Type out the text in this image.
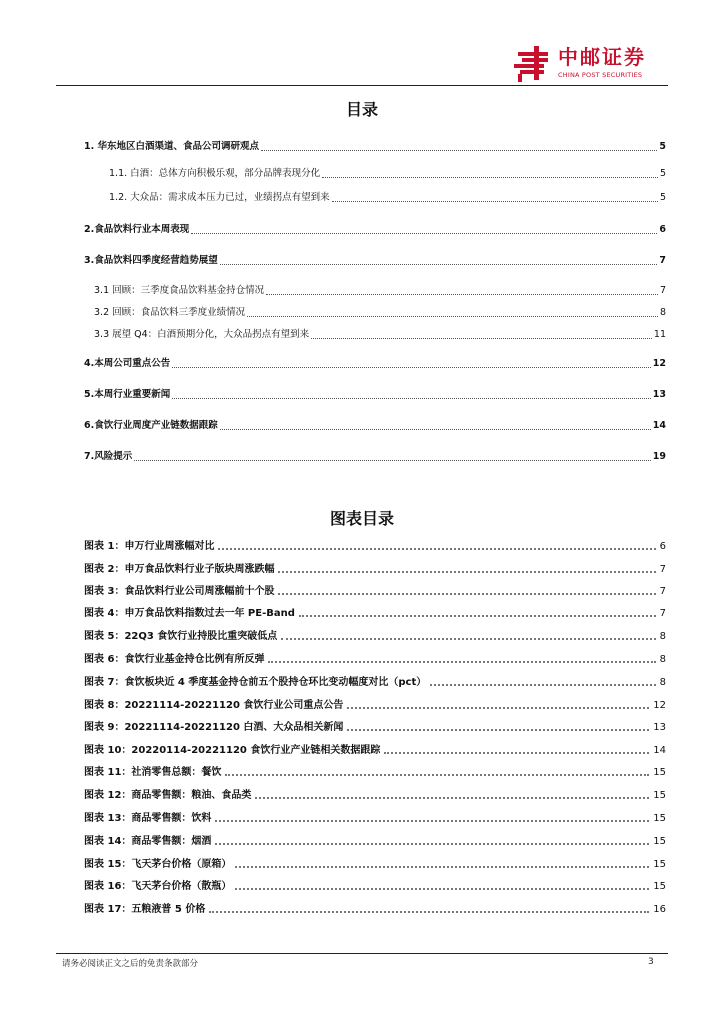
中邮证券
CHINA POST SECURITIES
目录
1. 华东地区白酒渠道、食品公司调研观点	5
1.1. 白酒：总体方向积极乐观，部分品牌表现分化	5
1.2. 大众品：需求成本压力已过，业绩拐点有望到来	5
2.食品饮料行业本周表现	6
3.食品饮料四季度经营趋势展望	7
3.1 回顾：三季度食品饮料基金持仓情况	7
3.2 回顾：食品饮料三季度业绩情况	8
3.3 展望 Q4：白酒预期分化，大众品拐点有望到来	11
4.本周公司重点公告	12
5.本周行业重要新闻	13
6.食饮行业周度产业链数据跟踪	14
7.风险提示	19
图表目录
图表 1：申万行业周涨幅对比	6
图表 2：申万食品饮料行业子版块周涨跌幅	7
图表 3：食品饮料行业公司周涨幅前十个股	7
图表 4：申万食品饮料指数过去一年 PE-Band	7
图表 5：22Q3 食饮行业持股比重突破低点	8
图表 6：食饮行业基金持仓比例有所反弹	8
图表 7：食饮板块近 4 季度基金持仓前五个股持仓环比变动幅度对比（pct）	8
图表 8：20221114-20221120 食饮行业公司重点公告	12
图表 9：20221114-20221120 白酒、大众品相关新闻	13
图表 10：20220114-20221120 食饮行业产业链相关数据跟踪	14
图表 11：社消零售总额：餐饮	15
图表 12：商品零售额：粮油、食品类	15
图表 13：商品零售额：饮料	15
图表 14：商品零售额：烟酒	15
图表 15：飞天茅台价格（原箱）	15
图表 16：飞天茅台价格（散瓶）	15
图表 17：五粮液普 5 价格	16
请务必阅读正文之后的免责条款部分	3
